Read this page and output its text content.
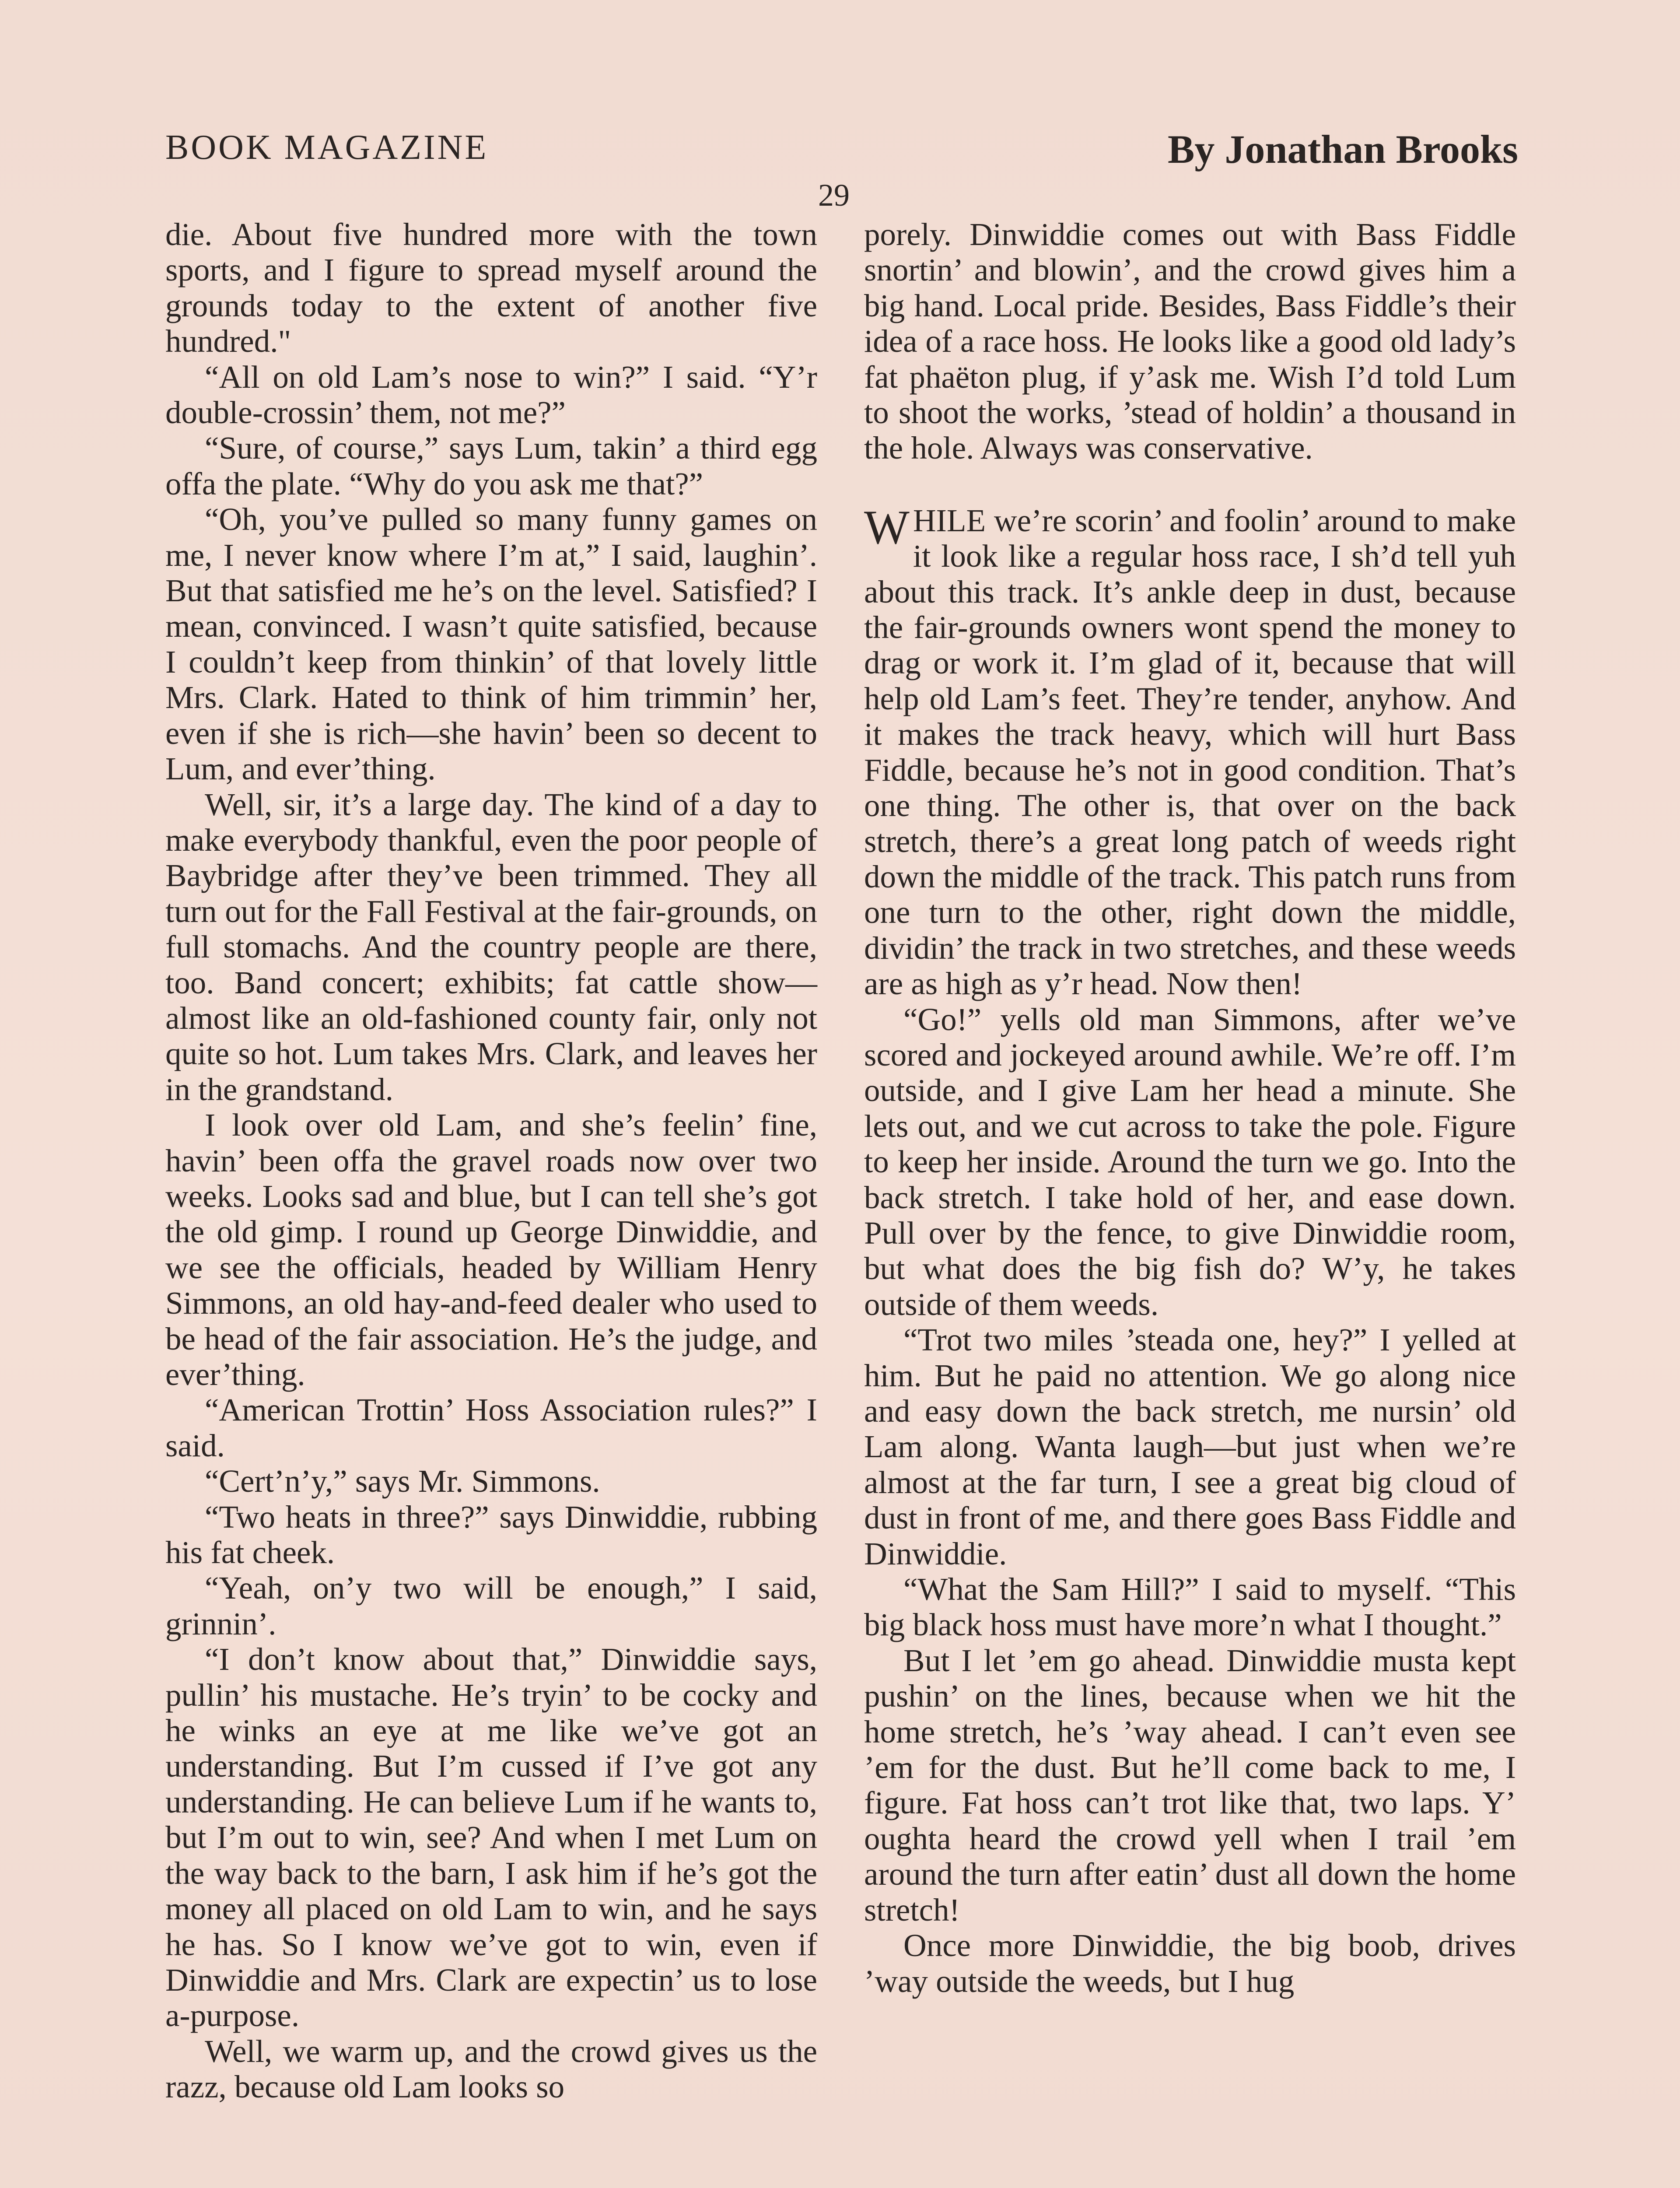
BOOK MAGAZINE	By Jonathan Brooks
29

die. About five hundred more with the town sports, and I figure to spread myself around the grounds today to the extent of another five hundred."

“All on old Lam’s nose to win?” I said. “Y’r double-crossin’ them, not me?”

“Sure, of course,” says Lum, takin’ a third egg offa the plate. “Why do you ask me that?”

“Oh, you’ve pulled so many funny games on me, I never know where I’m at,” I said, laughin’. But that satisfied me he’s on the level. Satisfied? I mean, convinced. I wasn’t quite satisfied, because I couldn’t keep from thinkin’ of that lovely little Mrs. Clark. Hated to think of him trimmin’ her, even if she is rich—she havin’ been so decent to Lum, and ever’thing.

Well, sir, it’s a large day. The kind of a day to make everybody thankful, even the poor people of Baybridge after they’ve been trimmed. They all turn out for the Fall Festival at the fair-grounds, on full stomachs. And the country people are there, too. Band concert; exhibits; fat cattle show—almost like an old-fashioned county fair, only not quite so hot. Lum takes Mrs. Clark, and leaves her in the grandstand.

I look over old Lam, and she’s feelin’ fine, havin’ been offa the gravel roads now over two weeks. Looks sad and blue, but I can tell she’s got the old gimp. I round up George Dinwiddie, and we see the officials, headed by William Henry Simmons, an old hay-and-feed dealer who used to be head of the fair association. He’s the judge, and ever’thing.

“American Trottin’ Hoss Association rules?” I said.

“Cert’n’y,” says Mr. Simmons.

“Two heats in three?” says Dinwiddie, rubbing his fat cheek.

“Yeah, on’y two will be enough,” I said, grinnin’.

“I don’t know about that,” Dinwiddie says, pullin’ his mustache. He’s tryin’ to be cocky and he winks an eye at me like we’ve got an understanding. But I’m cussed if I’ve got any understanding. He can believe Lum if he wants to, but I’m out to win, see? And when I met Lum on the way back to the barn, I ask him if he’s got the money all placed on old Lam to win, and he says he has. So I know we’ve got to win, even if Dinwiddie and Mrs. Clark are expectin’ us to lose a-purpose.

Well, we warm up, and the crowd gives us the razz, because old Lam looks so

porely. Dinwiddie comes out with Bass Fiddle snortin’ and blowin’, and the crowd gives him a big hand. Local pride. Besides, Bass Fiddle’s their idea of a race hoss. He looks like a good old lady’s fat phaëton plug, if y’ask me. Wish I’d told Lum to shoot the works, ’stead of holdin’ a thousand in the hole. Always was conservative.

WHILE we’re scorin’ and foolin’ around to make it look like a regular hoss race, I sh’d tell yuh about this track. It’s ankle deep in dust, because the fair-grounds owners wont spend the money to drag or work it. I’m glad of it, because that will help old Lam’s feet. They’re tender, anyhow. And it makes the track heavy, which will hurt Bass Fiddle, because he’s not in good condition. That’s one thing. The other is, that over on the back stretch, there’s a great long patch of weeds right down the middle of the track. This patch runs from one turn to the other, right down the middle, dividin’ the track in two stretches, and these weeds are as high as y’r head. Now then!

“Go!” yells old man Simmons, after we’ve scored and jockeyed around awhile. We’re off. I’m outside, and I give Lam her head a minute. She lets out, and we cut across to take the pole. Figure to keep her inside. Around the turn we go. Into the back stretch. I take hold of her, and ease down. Pull over by the fence, to give Dinwiddie room, but what does the big fish do? W’y, he takes outside of them weeds.

“Trot two miles ’steada one, hey?” I yelled at him. But he paid no attention. We go along nice and easy down the back stretch, me nursin’ old Lam along. Wanta laugh—but just when we’re almost at the far turn, I see a great big cloud of dust in front of me, and there goes Bass Fiddle and Dinwiddie.

“What the Sam Hill?” I said to myself. “This big black hoss must have more’n what I thought.”

But I let ’em go ahead. Dinwiddie musta kept pushin’ on the lines, because when we hit the home stretch, he’s ’way ahead. I can’t even see ’em for the dust. But he’ll come back to me, I figure. Fat hoss can’t trot like that, two laps. Y’ oughta heard the crowd yell when I trail ’em around the turn after eatin’ dust all down the home stretch!

Once more Dinwiddie, the big boob, drives ’way outside the weeds, but I hug
